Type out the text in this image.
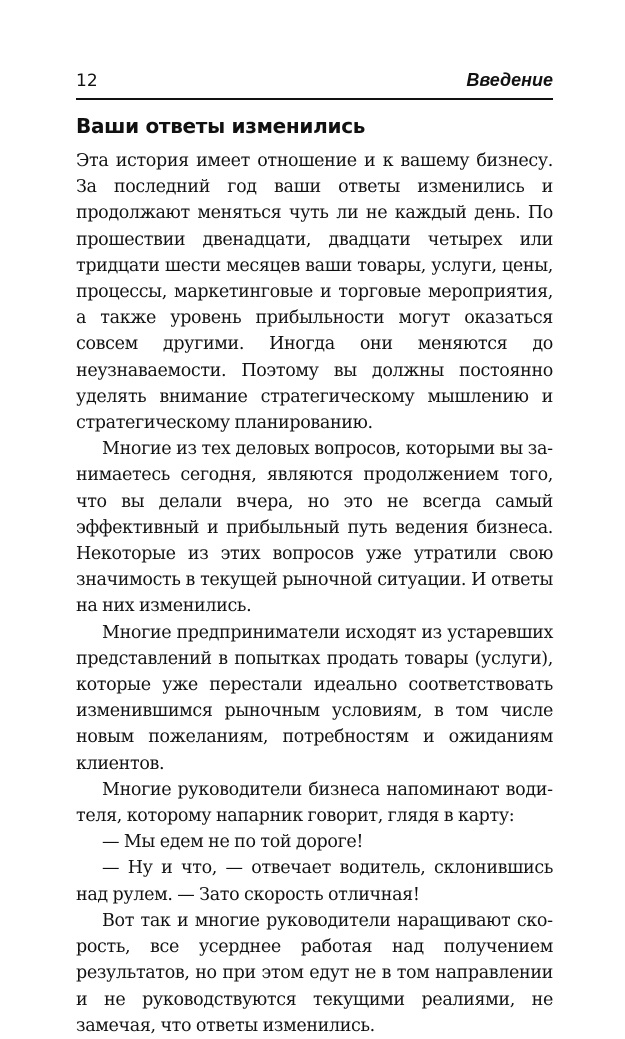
12	Введение
Ваши ответы изменились

Эта история имеет отношение и к вашему бизнесу. За последний год ваши ответы изменились и продолжают меняться чуть ли не каждый день. По прошествии двенадцати, двадцати четырех или тридцати шести месяцев ваши товары, услуги, цены, процессы, маркетинговые и торговые мероприятия, а также уровень прибыльности могут оказаться совсем другими. Иногда они меняются до неузнаваемости. Поэтому вы должны постоянно уделять внимание стратегическому мышлению и стратегическому планированию.

Многие из тех деловых вопросов, которыми вы занимаетесь сегодня, являются продолжением того, что вы делали вчера, но это не всегда самый эффективный и прибыльный путь ведения бизнеса. Некоторые из этих вопросов уже утратили свою значимость в текущей рыночной ситуации. И ответы на них изменились.

Многие предприниматели исходят из устаревших представлений в попытках продать товары (услуги), которые уже перестали идеально соответствовать изменившимся рыночным условиям, в том числе новым пожеланиям, потребностям и ожиданиям клиентов.

Многие руководители бизнеса напоминают водителя, которому напарник говорит, глядя в карту:

— Мы едем не по той дороге!

— Ну и что, — отвечает водитель, склонившись над рулем. — Зато скорость отличная!

Вот так и многие руководители наращивают скорость, все усерднее работая над получением результатов, но при этом едут не в том направлении и не руководствуются текущими реалиями, не замечая, что ответы изменились.
